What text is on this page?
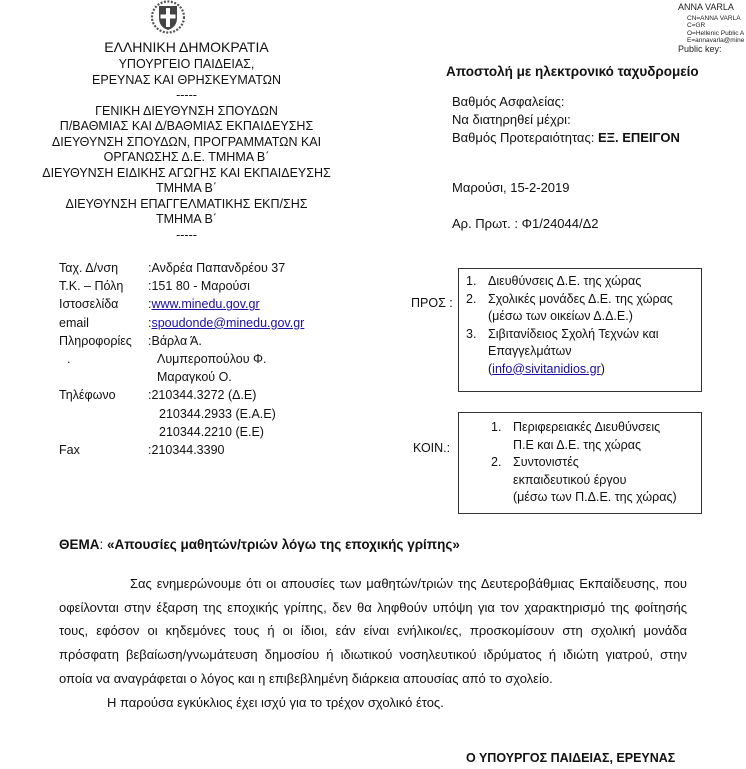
ΕΛΛΗΝΙΚΗ ΔΗΜΟΚΡΑΤΙΑ
ΥΠΟΥΡΓΕΙΟ ΠΑΙΔΕΙΑΣ,
ΕΡΕΥΝΑΣ ΚΑΙ ΘΡΗΣΚΕΥΜΑΤΩΝ
-----
ΓΕΝΙΚΗ ΔΙΕΥΘΥΝΣΗ ΣΠΟΥΔΩΝ
Π/ΒΑΘΜΙΑΣ ΚΑΙ Δ/ΒΑΘΜΙΑΣ ΕΚΠΑΙΔΕΥΣΗΣ
ΔΙΕΥΘΥΝΣΗ ΣΠΟΥΔΩΝ, ΠΡΟΓΡΑΜΜΑΤΩΝ ΚΑΙ
ΟΡΓΑΝΩΣΗΣ Δ.Ε. ΤΜΗΜΑ Β΄
ΔΙΕΥΘΥΝΣΗ ΕΙΔΙΚΗΣ ΑΓΩΓΗΣ ΚΑΙ ΕΚΠΑΙΔΕΥΣΗΣ
ΤΜΗΜΑ Β΄
ΔΙΕΥΘΥΝΣΗ ΕΠΑΓΓΕΛΜΑΤΙΚΗΣ ΕΚΠ/ΣΗΣ
ΤΜΗΜΑ Β΄
-----
ANNA VARLA
CN=ANNA VARLA
C=GR
O=Hellenic Public A
E=annavarla@mine
Public key:
Αποστολή με ηλεκτρονικό ταχυδρομείο
Βαθμός Ασφαλείας:
Να διατηρηθεί μέχρι:
Βαθμός Προτεραιότητας: ΕΞ. ΕΠΕΙΓΟΝ
Μαρούσι, 15-2-2019
Αρ. Πρωτ. : Φ1/24044/Δ2
Ταχ. Δ/νση	: Ανδρέα Παπανδρέου 37
Τ.Κ. – Πόλη	: 151 80 - Μαρούσι
Ιστοσελίδα	: www.minedu.gov.gr
email	: spoudonde@minedu.gov.gr
Πληροφορίες	: Βάρλα Ά.
.	Λυμπεροπούλου Φ.
Μαραγκού Ο.
Τηλέφωνο	: 210344.3272 (Δ.Ε)
210344.2933 (Ε.Α.Ε)
210344.2210 (Ε.Ε)
Fax	: 210344.3390
ΠΡΟΣ :
1. Διευθύνσεις Δ.Ε. της χώρας
2. Σχολικές μονάδες Δ.Ε. της χώρας (μέσω των οικείων Δ.Δ.Ε.)
3. Σιβιτανίδειος Σχολή Τεχνών και Επαγγελμάτων
(info@sivitanidios.gr)
ΚΟΙΝ.:
1. Περιφερειακές Διευθύνσεις Π.Ε και Δ.Ε. της χώρας
2. Συντονιστές εκπαιδευτικού έργου
(μέσω των Π.Δ.Ε. της χώρας)
ΘΕΜΑ: «Απουσίες μαθητών/τριών λόγω της εποχικής γρίπης»

Σας ενημερώνουμε ότι οι απουσίες των μαθητών/τριών της Δευτεροβάθμιας Εκπαίδευσης, που οφείλονται στην έξαρση της εποχικής γρίπης, δεν θα ληφθούν υπόψη για τον χαρακτηρισμό της φοίτησής τους, εφόσον οι κηδεμόνες τους ή οι ίδιοι, εάν είναι ενήλικοι/ες, προσκομίσουν στη σχολική μονάδα πρόσφατη βεβαίωση/γνωμάτευση δημοσίου ή ιδιωτικού νοσηλευτικού ιδρύματος ή ιδιώτη γιατρού, στην οποία να αναγράφεται ο λόγος και η επιβεβλημένη διάρκεια απουσίας από το σχολείο.

Η παρούσα εγκύκλιος έχει ισχύ για το τρέχον σχολικό έτος.

Ο ΥΠΟΥΡΓΟΣ ΠΑΙΔΕΙΑΣ, ΕΡΕΥΝΑΣ
